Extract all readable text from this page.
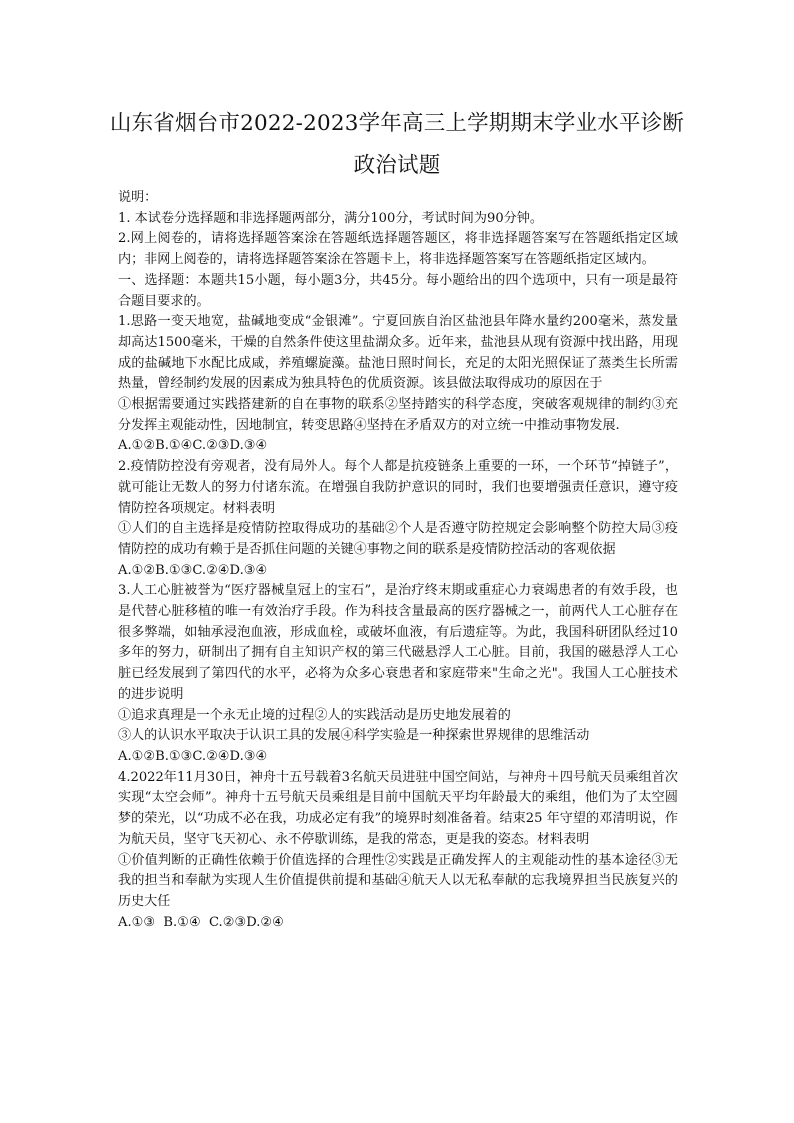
山东省烟台市2022-2023学年高三上学期期末学业水平诊断
政治试题

说明：

1. 本试卷分选择题和非选择题两部分，满分100分，考试时间为90分钟。

2.网上阅卷的，请将选择题答案涂在答题纸选择题答题区，将非选择题答案写在答题纸指定区域内；非网上阅卷的，请将选择题答案涂在答题卡上，将非选择题答案写在答题纸指定区域内。

一、选择题：本题共15小题，每小题3分，共45分。每小题给出的四个选项中，只有一项是最符合题目要求的。

1.思路一变天地宽，盐碱地变成“金银滩”。宁夏回族自治区盐池县年降水量约200毫米，蒸发量却高达1500毫米，干燥的自然条件使这里盐湖众多。近年来，盐池县从现有资源中找出路，用现成的盐碱地下水配比成咸，养殖螺旋藻。盐池日照时间长，充足的太阳光照保证了蒸类生长所需热量，曾经制约发展的因素成为独具特色的优质资源。该县做法取得成功的原因在于

①根据需要通过实践搭建新的自在事物的联系②坚持踏实的科学态度，突破客观规律的制约③充分发挥主观能动性，因地制宜，转变思路④坚持在矛盾双方的对立统一中推动事物发展.

A.①②B.①④C.②③D.③④

2.疫情防控没有旁观者，没有局外人。每个人都是抗疫链条上重要的一环，一个环节“掉链子”，就可能让无数人的努力付诸东流。在增强自我防护意识的同时，我们也要增强责任意识，遵守疫情防控各项规定。材料表明

①人们的自主选择是疫情防控取得成功的基础②个人是否遵守防控规定会影响整个防控大局③疫情防控的成功有赖于是否抓住问题的关键④事物之间的联系是疫情防控活动的客观依据

A.①②B.①③C.②④D.③④

3.人工心脏被誉为“医疗器械皇冠上的宝石”，是治疗终末期或重症心力衰竭患者的有效手段，也是代替心脏移植的唯一有效治疗手段。作为科技含量最高的医疗器械之一，前两代人工心脏存在很多弊端，如轴承浸泡血液，形成血栓，或破坏血液，有后遗症等。为此，我国科研团队经过10多年的努力，研制出了拥有自主知识产权的第三代磁悬浮人工心脏。目前，我国的磁悬浮人工心脏已经发展到了第四代的水平，必将为众多心衰患者和家庭带来"生命之光"。我国人工心脏技术的进步说明

①追求真理是一个永无止境的过程②人的实践活动是历史地发展着的

③人的认识水平取决于认识工具的发展④科学实验是一种探索世界规律的思维活动

A.①②B.①③C.②④D.③④

4.2022年11月30日，神舟十五号载着3名航天员进驻中国空间站，与神舟＋四号航天员乘组首次实现“太空会师”。神舟十五号航天员乘组是目前中国航天平均年龄最大的乘组，他们为了太空圆梦的荣光，以“功成不必在我，功成必定有我”的境界时刻准备着。结束25 年守望的邓清明说，作为航天员，坚守飞天初心、永不停歇训练，是我的常态，更是我的姿态。材料表明

①价值判断的正确性依赖于价值选择的合理性②实践是正确发挥人的主观能动性的基本途径③无我的担当和奉献为实现人生价值提供前提和基础④航天人以无私奉献的忘我境界担当民族复兴的历史大任

A.①③  B.①④  C.②③D.②④
